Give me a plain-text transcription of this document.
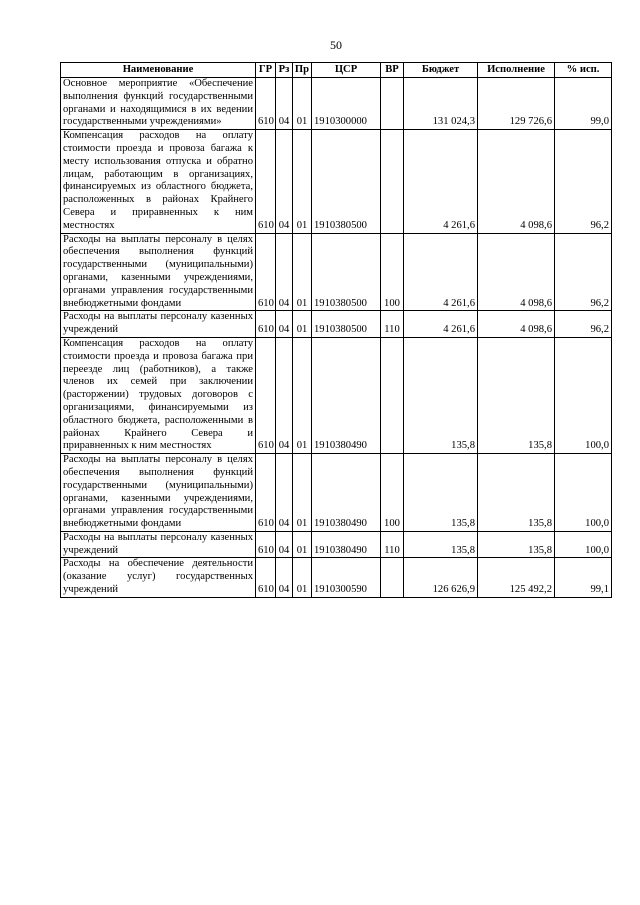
50
Наименование	ГР	Рз	Пр	ЦСР	ВР	Бюджет	Исполнение	% исп.
Основное мероприятие «Обеспечение выполнения функций государственными органами и находящимися в их ведении государственными учреждениями»	610	04	01	1910300000		131 024,3	129 726,6	99,0
Компенсация расходов на оплату стоимости проезда и провоза багажа к месту использования отпуска и обратно лицам, работающим в организациях, финансируемых из областного бюджета, расположенных в районах Крайнего Севера и приравненных к ним местностях	610	04	01	1910380500		4 261,6	4 098,6	96,2
Расходы на выплаты персоналу в целях обеспечения выполнения функций государственными (муниципальными) органами, казенными учреждениями, органами управления государственными внебюджетными фондами	610	04	01	1910380500	100	4 261,6	4 098,6	96,2
Расходы на выплаты персоналу казенных учреждений	610	04	01	1910380500	110	4 261,6	4 098,6	96,2
Компенсация расходов на оплату стоимости проезда и провоза багажа при переезде лиц (работников), а также членов их семей при заключении (расторжении) трудовых договоров с организациями, финансируемыми из областного бюджета, расположенными в районах Крайнего Севера и приравненных к ним местностях	610	04	01	1910380490		135,8	135,8	100,0
Расходы на выплаты персоналу в целях обеспечения выполнения функций государственными (муниципальными) органами, казенными учреждениями, органами управления государственными внебюджетными фондами	610	04	01	1910380490	100	135,8	135,8	100,0
Расходы на выплаты персоналу казенных учреждений	610	04	01	1910380490	110	135,8	135,8	100,0
Расходы на обеспечение деятельности (оказание услуг) государственных учреждений	610	04	01	1910300590		126 626,9	125 492,2	99,1
